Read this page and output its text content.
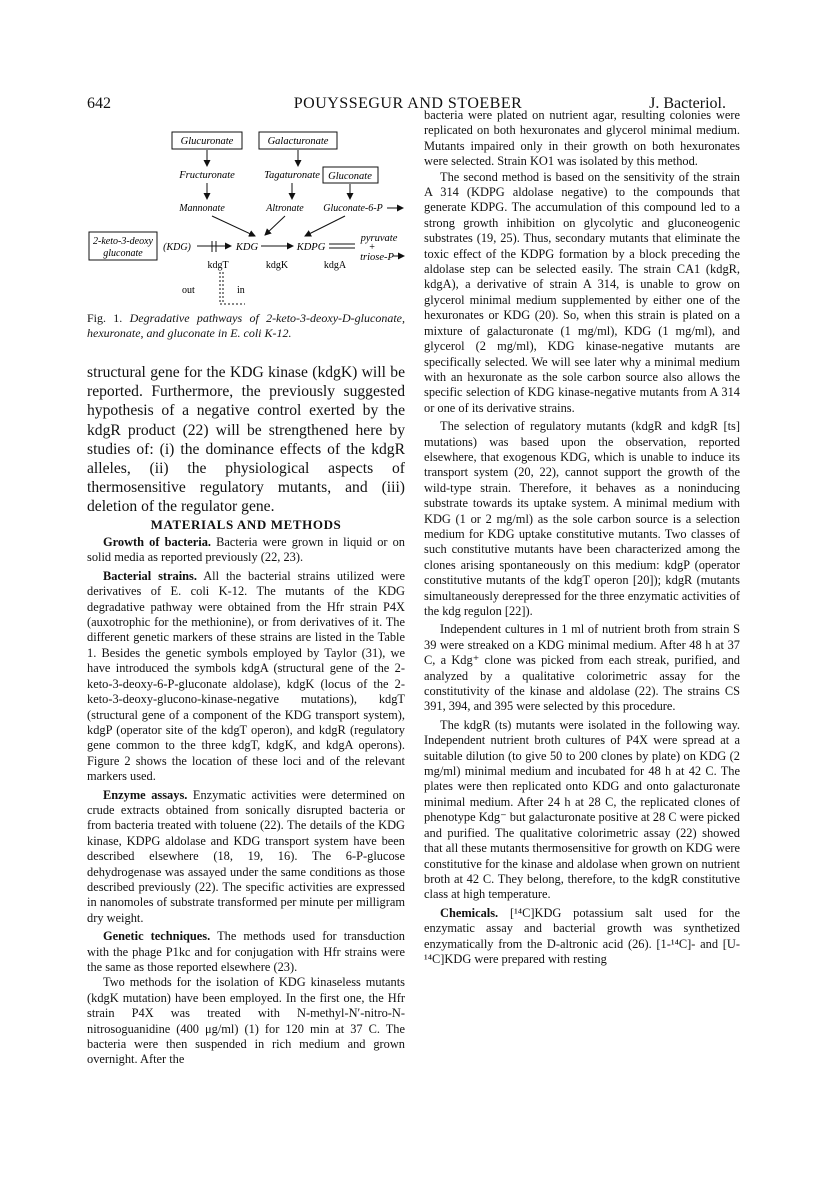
642	POUYSSEGUR AND STOEBER	J. Bacteriol.
Glucuronate	Galacturonate
Fructuronate	Tagaturonate Gluconate
Mannonate	Altronate Gluconate-6-P
2-keto-3-deoxy
gluconate
(KDG)	KDG	KDPG
pyruvate
+
triose-P
kdgT	kdgK	kdgA
out	in
Fig. 1. Degradative pathways of 2-keto-3-deoxy-D-gluconate, hexuronate, and gluconate in E. coli K-12.

structural gene for the KDG kinase (kdgK) will be reported. Furthermore, the previously suggested hypothesis of a negative control exerted by the kdgR product (22) will be strengthened here by studies of: (i) the dominance effects of the kdgR alleles, (ii) the physiological aspects of thermosensitive regulatory mutants, and (iii) deletion of the regulator gene.

MATERIALS AND METHODS

Growth of bacteria. Bacteria were grown in liquid or on solid media as reported previously (22, 23).

Bacterial strains. All the bacterial strains utilized were derivatives of E. coli K-12. The mutants of the KDG degradative pathway were obtained from the Hfr strain P4X (auxotrophic for the methionine), or from derivatives of it. The different genetic markers of these strains are listed in the Table 1. Besides the genetic symbols employed by Taylor (31), we have introduced the symbols kdgA (structural gene of the 2-keto-3-deoxy-6-P-gluconate aldolase), kdgK (locus of the 2-keto-3-deoxy-glucono-kinase-negative mutations), kdgT (structural gene of a component of the KDG transport system), kdgP (operator site of the kdgT operon), and kdgR (regulatory gene common to the three kdgT, kdgK, and kdgA operons). Figure 2 shows the location of these loci and of the relevant markers used.

Enzyme assays. Enzymatic activities were determined on crude extracts obtained from sonically disrupted bacteria or from bacteria treated with toluene (22). The details of the KDG kinase, KDPG aldolase and KDG transport system have been described elsewhere (18, 19, 16). The 6-P-glucose dehydrogenase was assayed under the same conditions as those described previously (22). The specific activities are expressed in nanomoles of substrate transformed per minute per milligram dry weight.

Genetic techniques. The methods used for transduction with the phage P1kc and for conjugation with Hfr strains were the same as those reported elsewhere (23).

Two methods for the isolation of KDG kinaseless mutants (kdgK mutation) have been employed. In the first one, the Hfr strain P4X was treated with N-methyl-N′-nitro-N-nitrosoguanidine (400 μg/ml) (1) for 120 min at 37 C. The bacteria were then suspended in rich medium and grown overnight. After the

bacteria were plated on nutrient agar, resulting colonies were replicated on both hexuronates and glycerol minimal medium. Mutants impaired only in their growth on both hexuronates were selected. Strain KO1 was isolated by this method.

The second method is based on the sensitivity of the strain A 314 (KDPG aldolase negative) to the compounds that generate KDPG. The accumulation of this compound led to a strong growth inhibition on glycolytic and gluconeogenic substrates (19, 25). Thus, secondary mutants that eliminate the toxic effect of the KDPG formation by a block preceding the aldolase step can be selected easily. The strain CA1 (kdgR, kdgA), a derivative of strain A 314, is unable to grow on glycerol minimal medium supplemented by either one of the hexuronates or KDG (20). So, when this strain is plated on a mixture of galacturonate (1 mg/ml), KDG (1 mg/ml), and glycerol (2 mg/ml), KDG kinase-negative mutants are specifically selected. We will see later why a minimal medium with an hexuronate as the sole carbon source also allows the specific selection of KDG kinase-negative mutants from A 314 or one of its derivative strains.

The selection of regulatory mutants (kdgR and kdgR [ts] mutations) was based upon the observation, reported elsewhere, that exogenous KDG, which is unable to induce its transport system (20, 22), cannot support the growth of the wild-type strain. Therefore, it behaves as a noninducing substrate towards its uptake system. A minimal medium with KDG (1 or 2 mg/ml) as the sole carbon source is a selection medium for KDG uptake constitutive mutants. Two classes of such constitutive mutants have been characterized among the clones arising spontaneously on this medium: kdgP (operator constitutive mutants of the kdgT operon [20]); kdgR (mutants simultaneously derepressed for the three enzymatic activities of the kdg regulon [22]).

Independent cultures in 1 ml of nutrient broth from strain S 39 were streaked on a KDG minimal medium. After 48 h at 37 C, a Kdg⁺ clone was picked from each streak, purified, and analyzed by a qualitative colorimetric assay for the constitutivity of the kinase and aldolase (22). The strains CS 391, 394, and 395 were selected by this procedure.

The kdgR (ts) mutants were isolated in the following way. Independent nutrient broth cultures of P4X were spread at a suitable dilution (to give 50 to 200 clones by plate) on KDG (2 mg/ml) minimal medium and incubated for 48 h at 42 C. The plates were then replicated onto KDG and onto galacturonate minimal medium. After 24 h at 28 C, the replicated clones of phenotype Kdg⁻ but galacturonate positive at 28 C were picked and purified. The qualitative colorimetric assay (22) showed that all these mutants thermosensitive for growth on KDG were constitutive for the kinase and aldolase when grown on nutrient broth at 42 C. They belong, therefore, to the kdgR constitutive class at high temperature.

Chemicals. [¹⁴C]KDG potassium salt used for the enzymatic assay and bacterial growth was synthetized enzymatically from the D-altronic acid (26). [1-¹⁴C]- and [U-¹⁴C]KDG were prepared with resting
